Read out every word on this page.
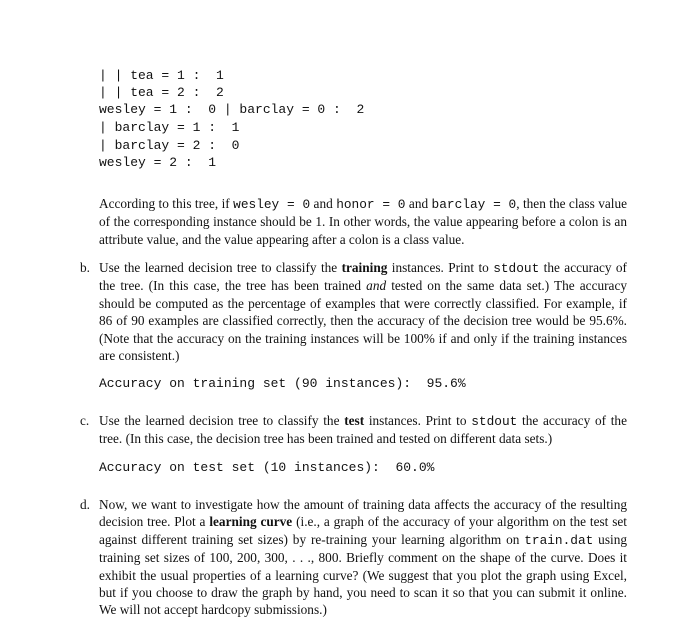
| | tea = 1 :  1
| | tea = 2 :  2
wesley = 1 :  0 | barclay = 0 :  2
| barclay = 1 :  1
| barclay = 2 :  0
wesley = 2 :  1
According to this tree, if wesley = 0 and honor = 0 and barclay = 0, then the class value of the corresponding instance should be 1. In other words, the value appearing before a colon is an attribute value, and the value appearing after a colon is a class value.
b. Use the learned decision tree to classify the training instances. Print to stdout the accuracy of the tree. (In this case, the tree has been trained and tested on the same data set.) The accuracy should be computed as the percentage of examples that were correctly classified. For example, if 86 of 90 examples are classified correctly, then the accuracy of the decision tree would be 95.6%. (Note that the accuracy on the training instances will be 100% if and only if the training instances are consistent.)
Accuracy on training set (90 instances):  95.6%
c. Use the learned decision tree to classify the test instances. Print to stdout the accuracy of the tree. (In this case, the decision tree has been trained and tested on different data sets.)
Accuracy on test set (10 instances):  60.0%
d. Now, we want to investigate how the amount of training data affects the accuracy of the resulting decision tree. Plot a learning curve (i.e., a graph of the accuracy of your algorithm on the test set against different training set sizes) by re-training your learning algorithm on train.dat using training set sizes of 100, 200, 300, . . ., 800. Briefly comment on the shape of the curve. Does it exhibit the usual properties of a learning curve? (We suggest that you plot the graph using Excel, but if you choose to draw the graph by hand, you need to scan it so that you can submit it online. We will not accept hardcopy submissions.)
